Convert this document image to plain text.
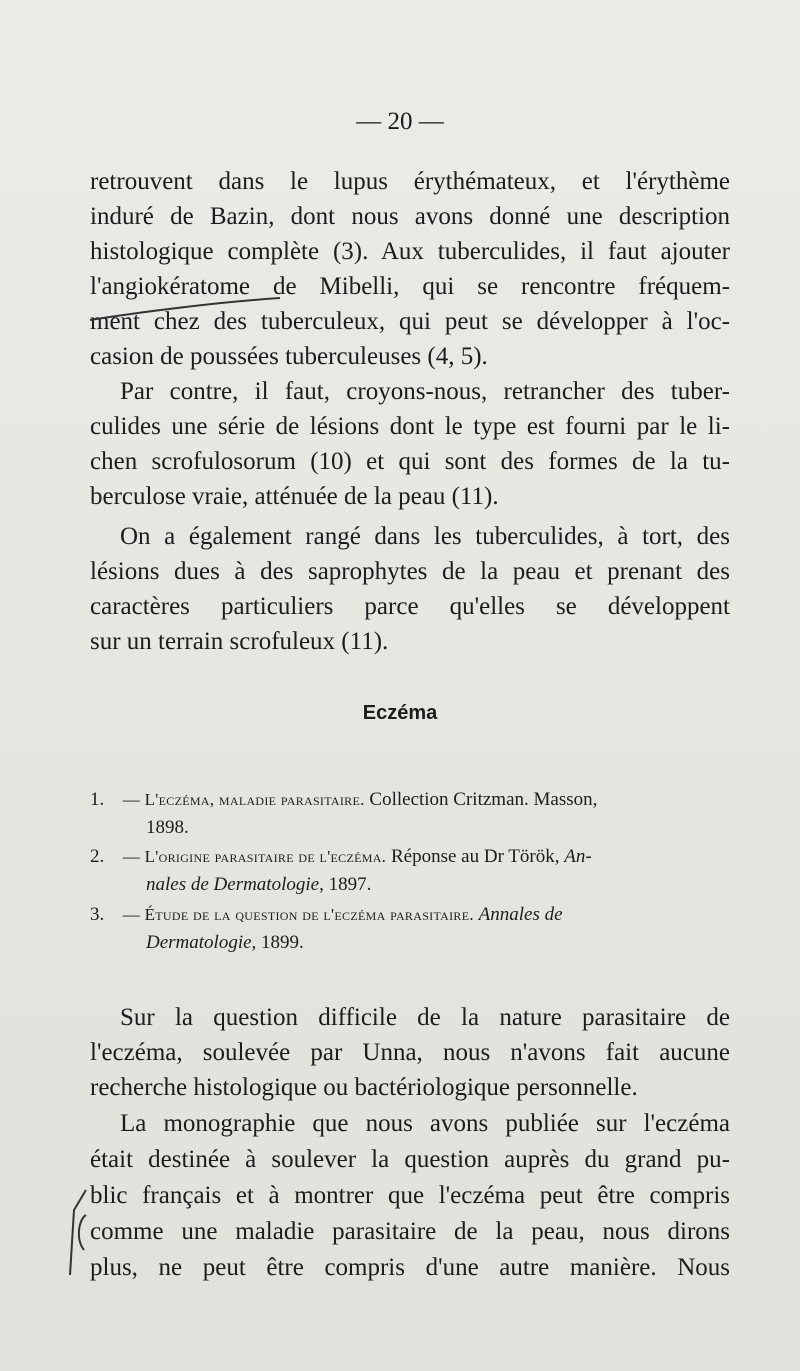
— 20 —
retrouvent dans le lupus érythémateux, et l'érythème
induré de Bazin, dont nous avons donné une description
histologique complète (3). Aux tuberculides, il faut ajouter
l'angiokératome de Mibelli, qui se rencontre fréquem-
ment chez des tuberculeux, qui peut se développer à l'oc-
casion de poussées tuberculeuses (4, 5).
Par contre, il faut, croyons-nous, retrancher des tuber-
culides une série de lésions dont le type est fourni par le li-
chen scrofulosorum (10) et qui sont des formes de la tu-
berculose vraie, atténuée de la peau (11).
On a également rangé dans les tuberculides, à tort, des
lésions dues à des saprophytes de la peau et prenant des
caractères particuliers parce qu'elles se développent
sur un terrain scrofuleux (11).
Eczéma
1. — L'eczéma, maladie parasitaire. Collection Critzman. Masson,
1898.
2. — L'origine parasitaire de l'eczéma. Réponse au Dr Török, An-
nales de Dermatologie, 1897.
3. — Étude de la question de l'eczéma parasitaire. Annales de
Dermatologie, 1899.
Sur la question difficile de la nature parasitaire de
l'eczéma, soulevée par Unna, nous n'avons fait aucune
recherche histologique ou bactériologique personnelle.
La monographie que nous avons publiée sur l'eczéma
était destinée à soulever la question auprès du grand pu-
blic français et à montrer que l'eczéma peut être compris
comme une maladie parasitaire de la peau, nous dirons
plus, ne peut être compris d'une autre manière. Nous
